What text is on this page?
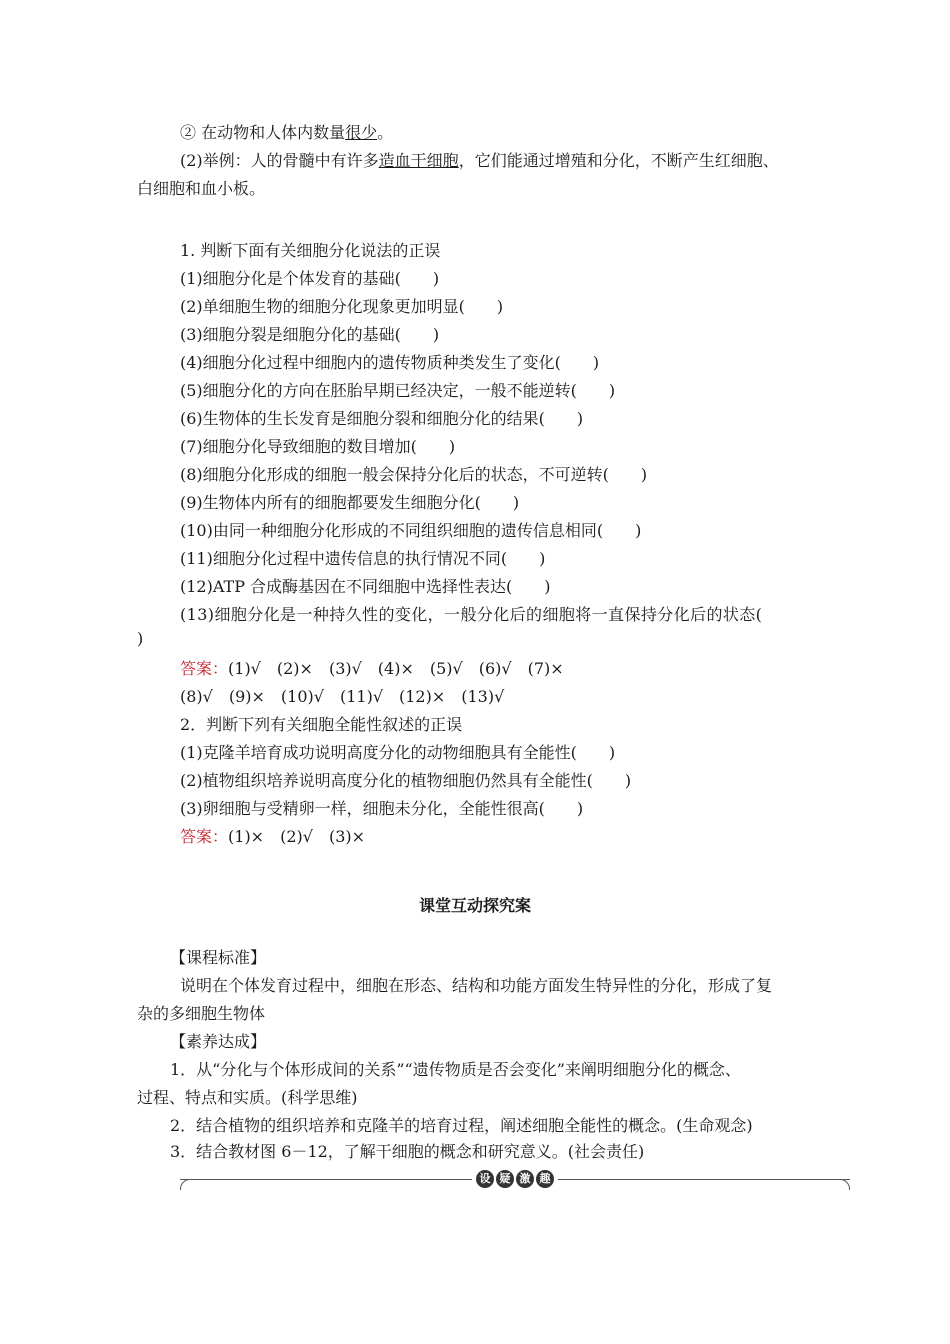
② 在动物和人体内数量很少。
(2)举例：人的骨髓中有许多造血干细胞，它们能通过增殖和分化，不断产生红细胞、
白细胞和血小板。
1. 判断下面有关细胞分化说法的正误
(1)细胞分化是个体发育的基础(　　)
(2)单细胞生物的细胞分化现象更加明显(　　)
(3)细胞分裂是细胞分化的基础(　　)
(4)细胞分化过程中细胞内的遗传物质种类发生了变化(　　)
(5)细胞分化的方向在胚胎早期已经决定，一般不能逆转(　　)
(6)生物体的生长发育是细胞分裂和细胞分化的结果(　　)
(7)细胞分化导致细胞的数目增加(　　)
(8)细胞分化形成的细胞一般会保持分化后的状态，不可逆转(　　)
(9)生物体内所有的细胞都要发生细胞分化(　　)
(10)由同一种细胞分化形成的不同组织细胞的遗传信息相同(　　)
(11)细胞分化过程中遗传信息的执行情况不同(　　)
(12)ATP 合成酶基因在不同细胞中选择性表达(　　)
(13)细胞分化是一种持久性的变化，一般分化后的细胞将一直保持分化后的状态(
)
答案：(1)√　(2)×　(3)√　(4)×　(5)√　(6)√　(7)×
(8)√　(9)×　(10)√　(11)√　(12)×　(13)√
2．判断下列有关细胞全能性叙述的正误
(1)克隆羊培育成功说明高度分化的动物细胞具有全能性(　　)
(2)植物组织培养说明高度分化的植物细胞仍然具有全能性(　　)
(3)卵细胞与受精卵一样，细胞未分化，全能性很高(　　)
答案：(1)×　(2)√　(3)×
课堂互动探究案
【课程标准】
说明在个体发育过程中，细胞在形态、结构和功能方面发生特异性的分化，形成了复
杂的多细胞生物体
【素养达成】
1．从“分化与个体形成间的关系”“遗传物质是否会变化”来阐明细胞分化的概念、
过程、特点和实质。(科学思维)
2．结合植物的组织培养和克隆羊的培育过程，阐述细胞全能性的概念。(生命观念)
3．结合教材图 6－12，了解干细胞的概念和研究意义。(社会责任)
设 疑 激 趣
